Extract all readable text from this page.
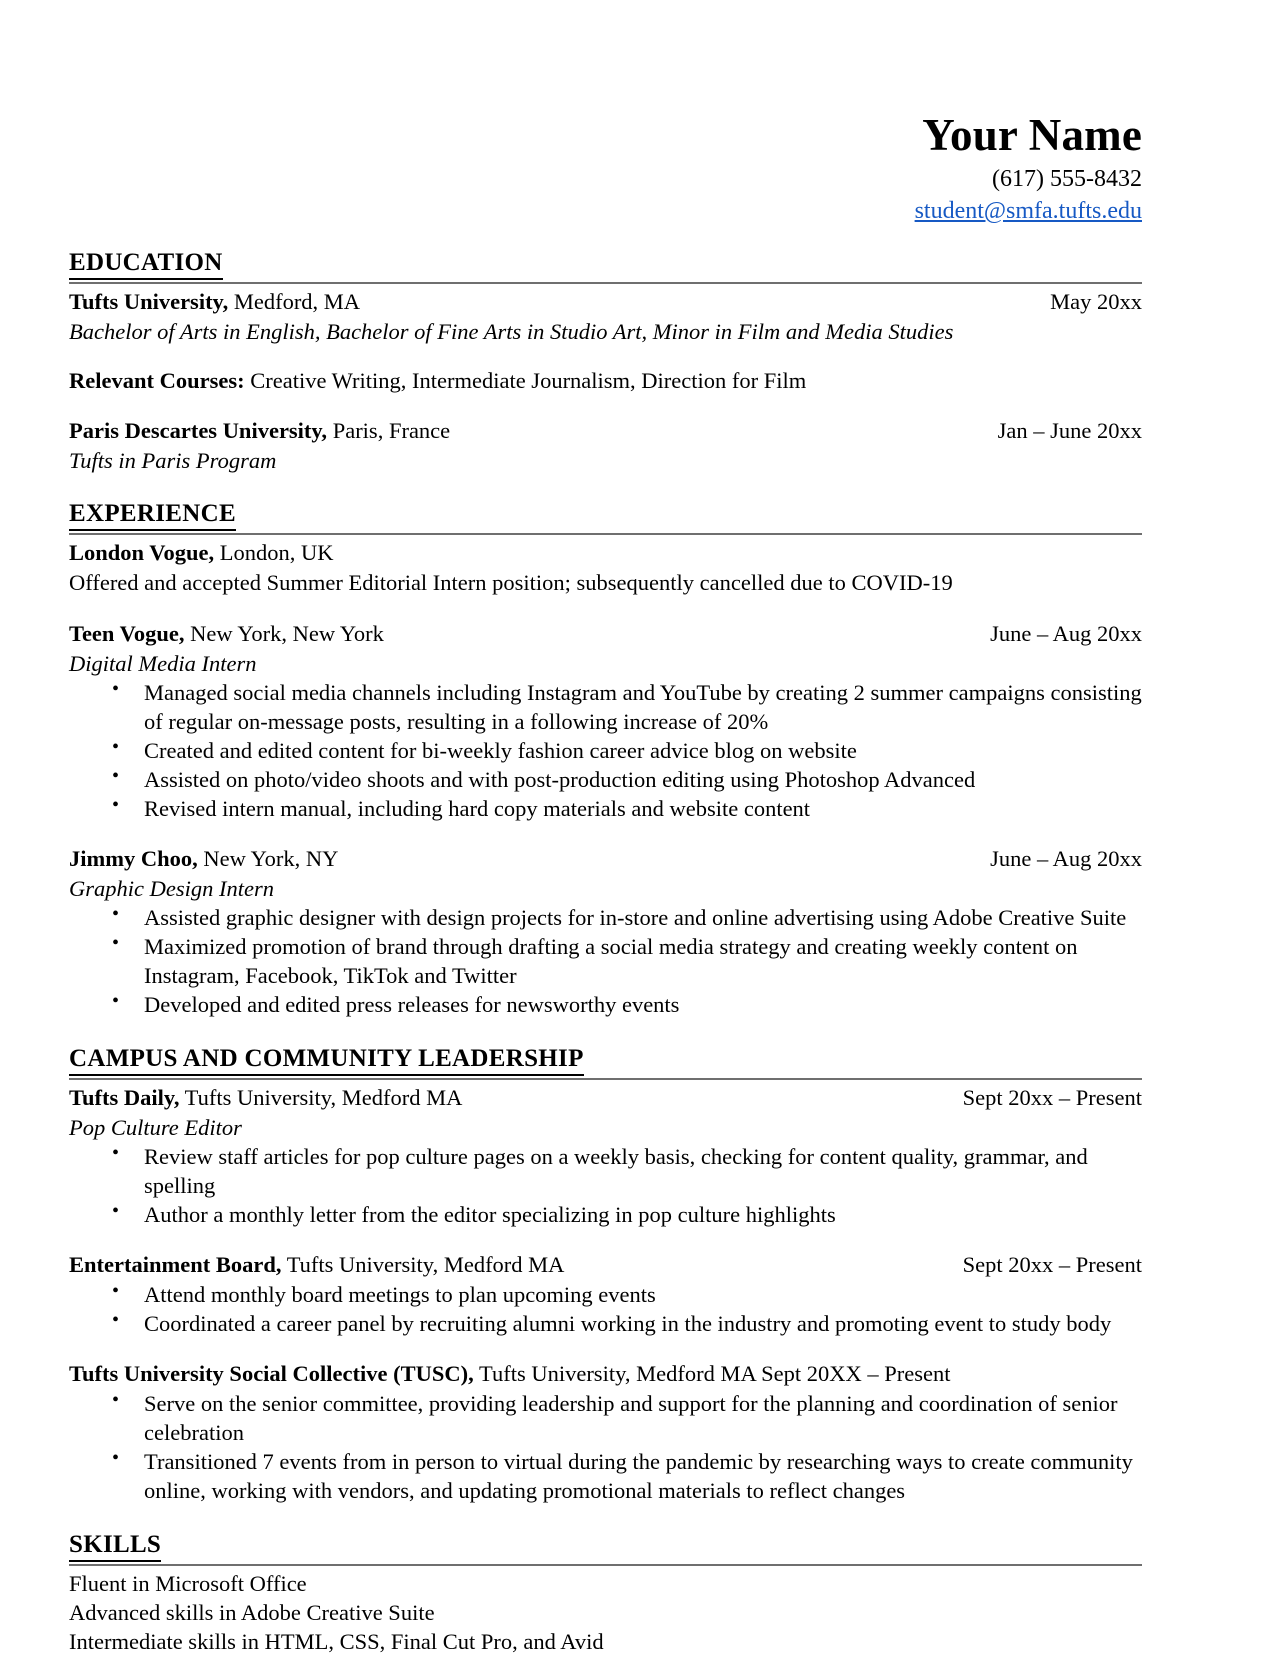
Your Name
(617) 555-8432
student@smfa.tufts.edu
EDUCATION
Tufts University, Medford, MA	May 20xx
Bachelor of Arts in English, Bachelor of Fine Arts in Studio Art, Minor in Film and Media Studies
Relevant Courses: Creative Writing, Intermediate Journalism, Direction for Film
Paris Descartes University, Paris, France	Jan – June 20xx
Tufts in Paris Program
EXPERIENCE
London Vogue, London, UK
Offered and accepted Summer Editorial Intern position; subsequently cancelled due to COVID-19
Teen Vogue, New York, New York	June – Aug 20xx
Digital Media Intern
• Managed social media channels including Instagram and YouTube by creating 2 summer campaigns consisting of regular on-message posts, resulting in a following increase of 20%
• Created and edited content for bi-weekly fashion career advice blog on website
• Assisted on photo/video shoots and with post-production editing using Photoshop Advanced
• Revised intern manual, including hard copy materials and website content
Jimmy Choo, New York, NY	June – Aug 20xx
Graphic Design Intern
• Assisted graphic designer with design projects for in-store and online advertising using Adobe Creative Suite
• Maximized promotion of brand through drafting a social media strategy and creating weekly content on Instagram, Facebook, TikTok and Twitter
• Developed and edited press releases for newsworthy events
CAMPUS AND COMMUNITY LEADERSHIP
Tufts Daily, Tufts University, Medford MA	Sept 20xx – Present
Pop Culture Editor
• Review staff articles for pop culture pages on a weekly basis, checking for content quality, grammar, and spelling
• Author a monthly letter from the editor specializing in pop culture highlights
Entertainment Board, Tufts University, Medford MA	Sept 20xx – Present
• Attend monthly board meetings to plan upcoming events
• Coordinated a career panel by recruiting alumni working in the industry and promoting event to study body
Tufts University Social Collective (TUSC), Tufts University, Medford MA Sept 20XX – Present
• Serve on the senior committee, providing leadership and support for the planning and coordination of senior celebration
• Transitioned 7 events from in person to virtual during the pandemic by researching ways to create community online, working with vendors, and updating promotional materials to reflect changes
SKILLS
Fluent in Microsoft Office
Advanced skills in Adobe Creative Suite
Intermediate skills in HTML, CSS, Final Cut Pro, and Avid
